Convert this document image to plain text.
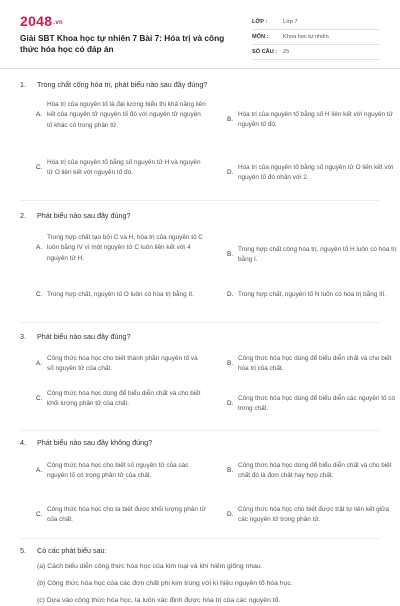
2048.vn
Giải SBT Khoa học tự nhiên 7 Bài 7: Hóa trị và công thức hóa học có đáp án
LỚP :	Lớp 7
MÔN :	Khoa học tự nhiên
SỐ CÂU :	25
1.	Trong chất cộng hóa trị, phát biểu nào sau đây đúng?
A.
Hóa trị của nguyên tố là đại lượng biểu thị khả năng liên kết của nguyên tử nguyên tố đó với nguyên tử nguyên tố khác có trong phân tử.
B.
Hóa trị của nguyên tố bằng số H liên kết với nguyên tử nguyên tố đó.
C.
Hóa trị của nguyên tố bằng số nguyên tử H và nguyên tử O liên kết với nguyên tố đó.	D.
Hóa trị của nguyên tố bằng số nguyên tử O liên kết với nguyên tố đó nhân với 2.
2.	Phát biểu nào sau đây đúng?
A.
Trong hợp chất tạo bởi C và H, hóa trị của nguyên tố C luôn bằng IV vì một nguyên tử C luôn liên kết với 4 nguyên tử H.
B.
Trong hợp chất cộng hóa trị, nguyên tố H luôn có hóa trị bằng I.
C. Trong hợp chất, nguyên tố O luôn có hóa trị bằng II.	D. Trong hợp chất, nguyên tố N luôn có hóa trị bằng III.
3.	Phát biểu nào sau đây đúng?
A.
Công thức hóa học cho biết thành phần nguyên tố và số nguyên tử của chất.
B.
Công thức hóa học dùng để biểu diễn chất và cho biết hóa trị của chất.
C.
Công thức hóa học dùng để biểu diễn chất và cho biết khối lượng phân tử của chất.	D.
Công thức hóa học dùng để biểu diễn các nguyên tố có trong chất.
4.	Phát biểu nào sau đây không đúng?
A.
Công thức hóa học cho biết số nguyên tử của các nguyên tố có trong phân tử của chất.
B.
Công thức hóa học dùng để biểu diễn chất và cho biết chất đó là đơn chất hay hợp chất.
C.
Công thức hóa học cho ta biết được khối lượng phân tử của chất.
D.
Công thức hóa học cho biết được trật tự liên kết giữa các nguyên tử trong phân tử.
5.	Có các phát biểu sau:
(a) Cách biểu diễn công thức hóa học của kim loại và khí hiếm giống nhau.
(b) Công thức hóa học của các đơn chất phi kim trùng với kí hiệu nguyên tố hóa học.
(c) Dựa vào công thức hóa học, ta luôn xác định được hóa trị của các nguyên tố.
